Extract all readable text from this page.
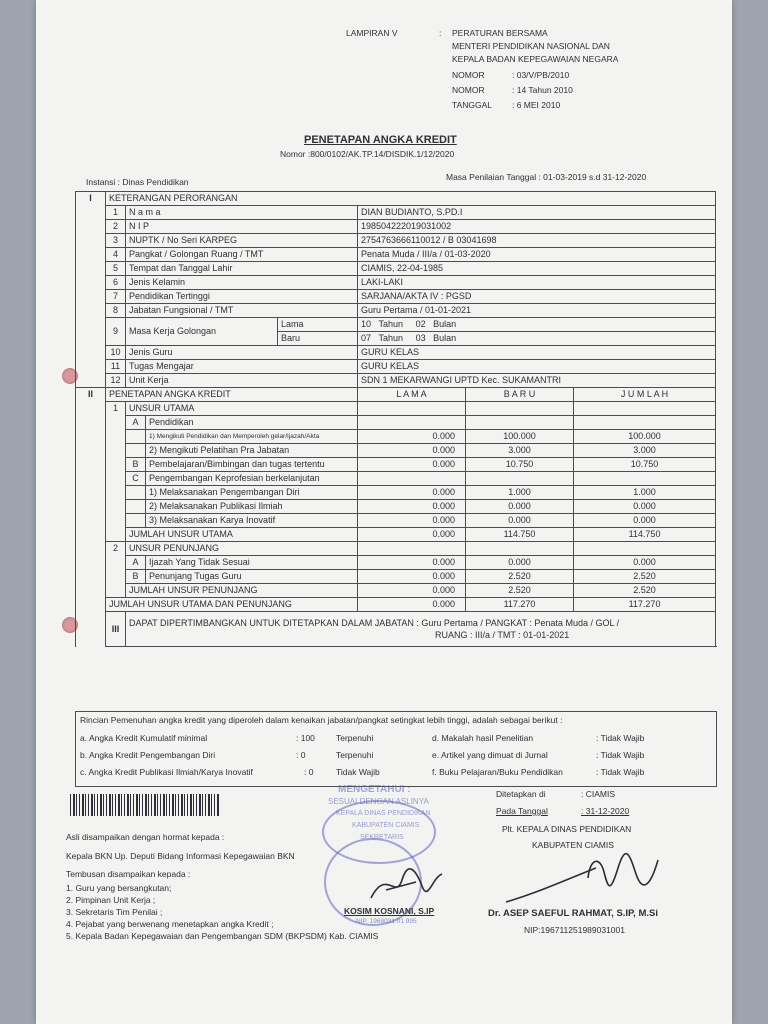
LAMPIRAN V	: PERATURAN BERSAMA
MENTERI PENDIDIKAN NASIONAL DAN
KEPALA BADAN KEPEGAWAIAN NEGARA
NOMOR	: 03/V/PB/2010
NOMOR	: 14 Tahun 2010
TANGGAL : 6 MEI 2010
PENETAPAN ANGKA KREDIT
Nomor :800/0102/AK.TP.14/DISDIK.1/12/2020
Instansi : Dinas Pendidikan	Masa Penilaian Tanggal : 01-03-2019 s.d 31-12-2020
I	KETERANGAN PERORANGAN						
	1	N a m a			DIAN BUDIANTO, S.PD.I		
	2	N I P			198504222019031002		
	3	NUPTK / No Seri KARPEG			2754763666110012 / B 03041698		
	4	Pangkat / Golongan Ruang / TMT			Penata Muda / III/a / 01-03-2020		
	5	Tempat dan Tanggal Lahir			CIAMIS, 22-04-1985		
	6	Jenis Kelamin			LAKI-LAKI		
	7	Pendidikan Tertinggi			SARJANA/AKTA IV : PGSD		
	8	Jabatan Fungsional / TMT			Guru Pertama / 01-01-2021		
	9	Masa Kerja Golongan		Lama	10 Tahun 02 Bulan		
				Baru	07 Tahun 03 Bulan		
	10	Jenis Guru			GURU KELAS		
	11	Tugas Mengajar			GURU KELAS		
	12	Unit Kerja			SDN 1 MEKARWANGI UPTD Kec. SUKAMANTRI		
II	PENETAPAN ANGKA KREDIT				L A M A	B A R U	J U M L A H
	1	UNSUR UTAMA					
		A	Pendidikan				
			1) Mengikuti Pendidikan dan Memperoleh gelar/Ijazah/Akta		0.000	100.000	100.000
			2) Mengikuti Pelatihan Pra Jabatan		0.000	3.000	3.000
		B	Pembelajaran/Bimbingan dan tugas tertentu		0.000	10.750	10.750
		C	Pengembangan Keprofesian berkelanjutan				
			1) Melaksanakan Pengembangan Diri		0.000	1.000	1.000
			2) Melaksanakan Publikasi Ilmiah		0.000	0.000	0.000
			3) Melaksanakan Karya Inovatif		0.000	0.000	0.000
		JUMLAH UNSUR UTAMA			0.000	114.750	114.750
	2	UNSUR PENUNJANG					
		A	Ijazah Yang Tidak Sesuai		0.000	0.000	0.000
		B	Penunjang Tugas Guru		0.000	2.520	2.520
		JUMLAH UNSUR PENUNJANG			0.000	2.520	2.520
	JUMLAH UNSUR UTAMA DAN PENUNJANG				0.000	117.270	117.270
	III	DAPAT DIPERTIMBANGKAN UNTUK DITETAPKAN DALAM JABATAN : Guru Pertama / PANGKAT : Penata Muda / GOL /
RUANG : III/a / TMT : 01-01-2021					
Rincian Pemenuhan angka kredit yang diperoleh dalam kenaikan jabatan/pangkat setingkat lebih tinggi, adalah sebagai berikut :
a. Angka Kredit Kumulatif minimal	: 100 Terpenuhi
b. Angka Kredit Pengembangan Diri	: 0	Terpenuhi
c. Angka Kredit Publikasi Ilmiah/Karya Inovatif	: 0	Tidak Wajib
d. Makalah hasil Penelitian	: Tidak Wajib
e. Artikel yang dimuat di Jurnal	: Tidak Wajib
f. Buku Pelajaran/Buku Pendidikan	: Tidak Wajib
Asli disampaikan dengan hormat kepada :
Kepala BKN Up. Deputi Bidang Informasi Kepegawaian BKN
Tembusan disampaikan kepada :
1. Guru yang bersangkutan;
2. Pimpinan Unit Kerja ;
3. Sekretaris Tim Penilai ;
4. Pejabat yang berwenang menetapkan angka Kredit ;
5. Kepala Badan Kepegawaian dan Pengembangan SDM (BKPSDM) Kab. CIAMIS
MENGETAHUI :
SESUAI DENGAN ASLINYA
KEPALA DINAS PENDIDIKAN
KABUPATEN CIAMIS
SEKRETARIS
KOSIM KOSNANI, S.IP
NIP. 1968031 01 995
Ditetapkan di	: CIAMIS
Pada Tanggal	: 31-12-2020
Plt. KEPALA DINAS PENDIDIKAN
KABUPATEN CIAMIS
Dr. ASEP SAEFUL RAHMAT, S.IP, M.Si
NIP:196711251989031001
